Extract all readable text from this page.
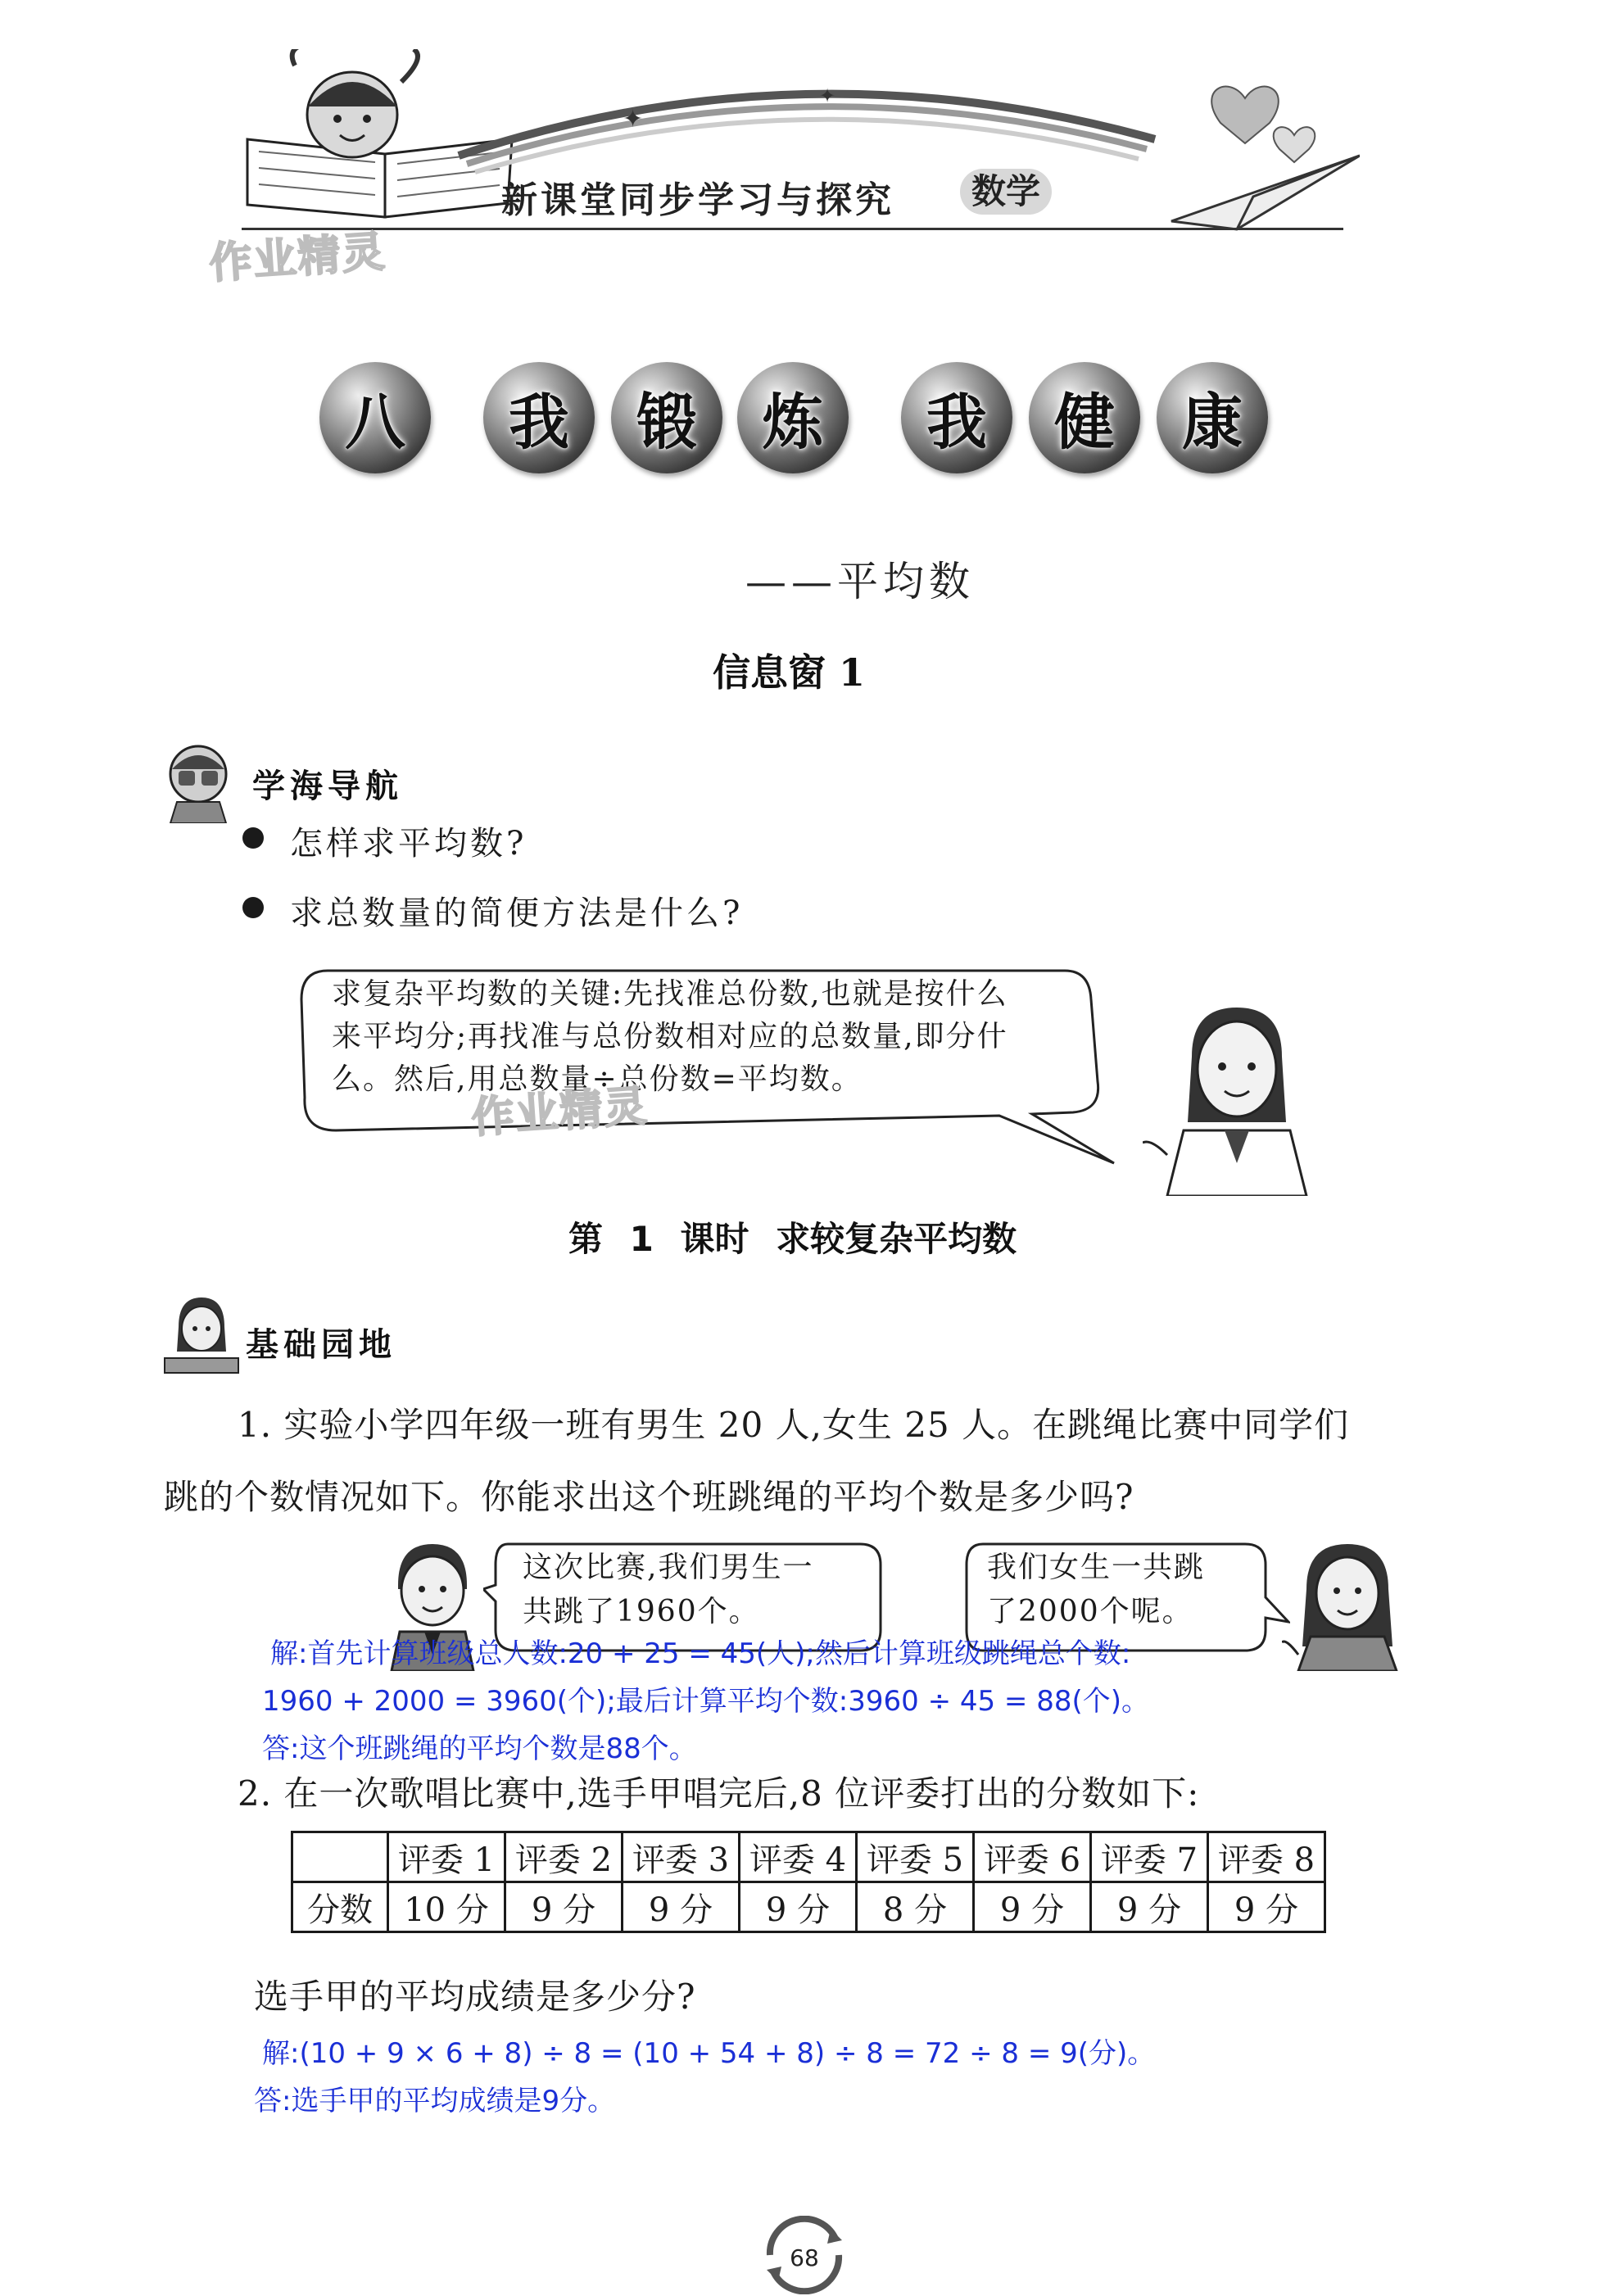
✦
✦
新课堂同步学习与探究	数学
作业精灵
八 我 锻 炼 我 健 康
——平均数
信息窗 1
学海导航
怎样求平均数?
求总数量的简便方法是什么?
求复杂平均数的关键:先找准总份数,也就是按什么
来平均分;再找准与总份数相对应的总数量,即分什
么。然后,用总数量÷总份数=平均数。
作业精灵
第 1 课时 求较复杂平均数
基础园地
1. 实验小学四年级一班有男生 20 人,女生 25 人。在跳绳比赛中同学们
跳的个数情况如下。你能求出这个班跳绳的平均个数是多少吗?
这次比赛,我们男生一
共跳了1960个。
我们女生一共跳
了2000个呢。
解:首先计算班级总人数:20 + 25 = 45(人);然后计算班级跳绳总个数:
1960 + 2000 = 3960(个);最后计算平均个数:3960 ÷ 45 = 88(个)。
答:这个班跳绳的平均个数是88个。
2. 在一次歌唱比赛中,选手甲唱完后,8 位评委打出的分数如下:
	评委 1	评委 2	评委 3	评委 4	评委 5	评委 6	评委 7	评委 8
分数	10 分	9 分	9 分	9 分	8 分	9 分	9 分	9 分
选手甲的平均成绩是多少分?
解:(10 + 9 × 6 + 8) ÷ 8 = (10 + 54 + 8) ÷ 8 = 72 ÷ 8 = 9(分)。
答:选手甲的平均成绩是9分。
68
